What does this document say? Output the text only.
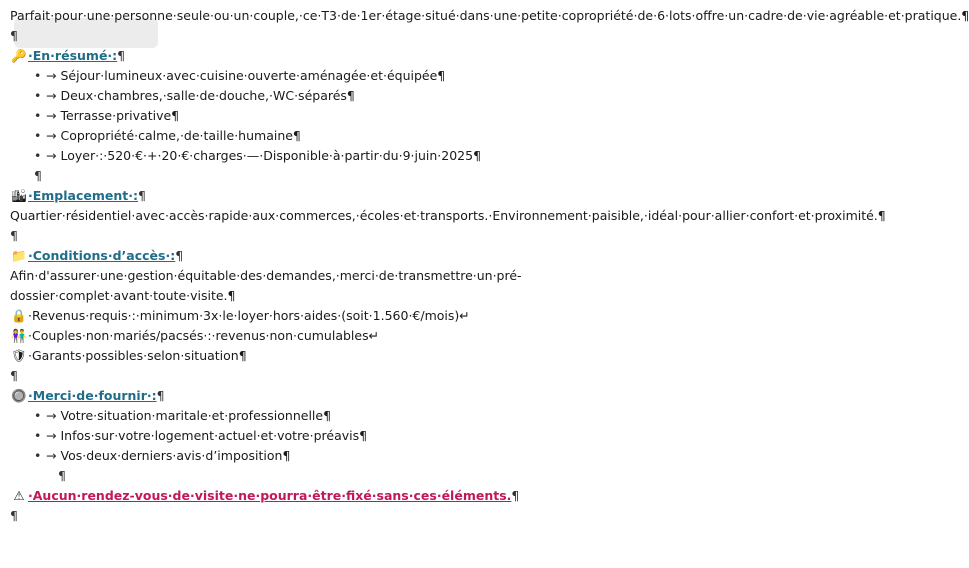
Parfait·pour·une·personne·seule·ou·un·couple,·ce·T3·de·1er·étage·situé·dans·une·petite·copropriété·de·6·lots·offre·un·cadre·de·vie·agréable·et·pratique.¶
¶
🔑·En·résumé·:¶
• → Séjour·lumineux·avec·cuisine·ouverte·aménagée·et·équipée¶
• → Deux·chambres,·salle·de·douche,·WC·séparés¶
• → Terrasse·privative¶
• → Copropriété·calme,·de·taille·humaine¶
• → Loyer·:·520·€·+·20·€·charges·—·Disponible·à·partir·du·9·juin·2025¶
¶
🏙·Emplacement·:¶
Quartier·résidentiel·avec·accès·rapide·aux·commerces,·écoles·et·transports.·Environnement·paisible,·idéal·pour·allier·confort·et·proximité.¶
¶
📁·Conditions·d’accès·:¶
Afin·d'assurer·une·gestion·équitable·des·demandes,·merci·de·transmettre·un·pré-dossier·complet·avant·toute·visite.¶
🔒·Revenus·requis·:·minimum·3x·le·loyer·hors·aides·(soit·1.560·€/mois)↵
👫·Couples·non·mariés/pacsés·:·revenus·non·cumulables↵
🛡·Garants·possibles·selon·situation¶
¶
🔘·Merci·de·fournir·:¶
• → Votre·situation·maritale·et·professionnelle¶
• → Infos·sur·votre·logement·actuel·et·votre·préavis¶
• → Vos·deux·derniers·avis·d’imposition¶
¶
⚠ ·Aucun·rendez-vous·de·visite·ne·pourra·être·fixé·sans·ces·éléments.¶
¶
